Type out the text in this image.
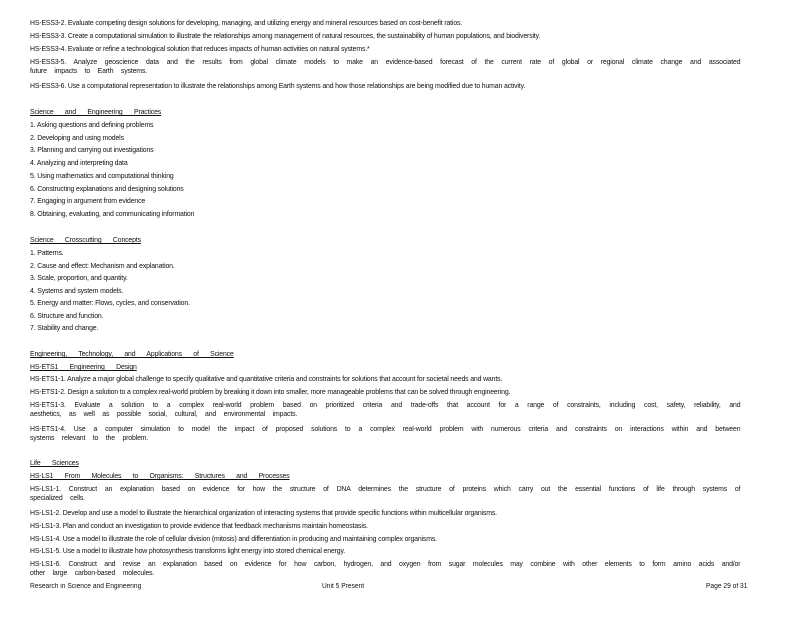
HS-ESS3-2. Evaluate competing design solutions for developing, managing, and utilizing energy and mineral resources based on cost-benefit ratios.
HS-ESS3-3. Create a computational simulation to illustrate the relationships among management of natural resources, the sustainability of human populations, and biodiversity.
HS-ESS3-4. Evaluate or refine a technological solution that reduces impacts of human activities on natural systems.*
HS-ESS3-5. Analyze geoscience data and the results from global climate models to make an evidence-based forecast of the current rate of global or regional climate change and associated future impacts to Earth systems.
HS-ESS3-6. Use a computational representation to illustrate the relationships among Earth systems and how those relationships are being modified due to human activity.
Science and Engineering Practices
1. Asking questions and defining problems
2. Developing and using models
3. Planning and carrying out investigations
4. Analyzing and interpreting data
5. Using mathematics and computational thinking
6. Constructing explanations and designing solutions
7. Engaging in argument from evidence
8. Obtaining, evaluating, and communicating information
Science Crosscutting Concepts
1. Patterns.
2. Cause and effect: Mechanism and explanation.
3. Scale, proportion, and quantity.
4. Systems and system models.
5. Energy and matter: Flows, cycles, and conservation.
6. Structure and function.
7. Stability and change.
Engineering, Technology, and Applications of Science
HS-ETS1 Engineering Design
HS-ETS1-1. Analyze a major global challenge to specify qualitative and quantitative criteria and constraints for solutions that account for societal needs and wants.
HS-ETS1-2. Design a solution to a complex real-world problem by breaking it down into smaller, more manageable problems that can be solved through engineering.
HS-ETS1-3. Evaluate a solution to a complex real-world problem based on prioritized criteria and trade-offs that account for a range of constraints, including cost, safety, reliability, and aesthetics, as well as possible social, cultural, and environmental impacts.
HS-ETS1-4. Use a computer simulation to model the impact of proposed solutions to a complex real-world problem with numerous criteria and constraints on interactions within and between systems relevant to the problem.
Life Sciences
HS-LS1 From Molecules to Organisms: Structures and Processes
HS-LS1-1. Construct an explanation based on evidence for how the structure of DNA determines the structure of proteins which carry out the essential functions of life through systems of specialized cells.
HS-LS1-2. Develop and use a model to illustrate the hierarchical organization of interacting systems that provide specific functions within multicellular organisms.
HS-LS1-3. Plan and conduct an investigation to provide evidence that feedback mechanisms maintain homeostasis.
HS-LS1-4. Use a model to illustrate the role of cellular division (mitosis) and differentiation in producing and maintaining complex organisms.
HS-LS1-5. Use a model to illustrate how photosynthesis transforms light energy into stored chemical energy.
HS-LS1-6. Construct and revise an explanation based on evidence for how carbon, hydrogen, and oxygen from sugar molecules may combine with other elements to form amino acids and/or other large carbon-based molecules.
Research in Science and Engineering	Unit 5 Present	Page 29 of 31
